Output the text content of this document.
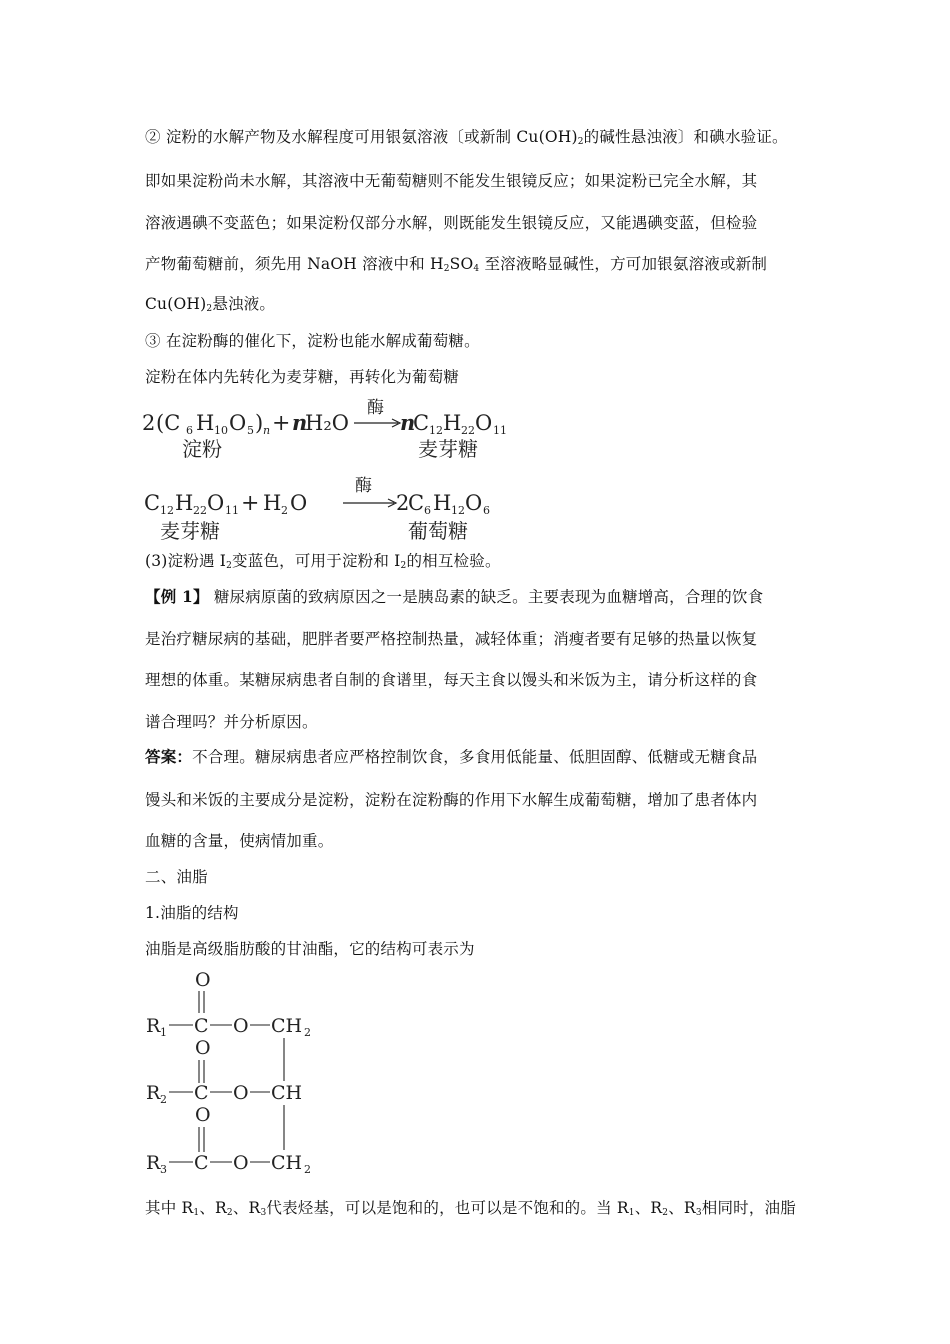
② 淀粉的水解产物及水解程度可用银氨溶液〔或新制 $Cu(OH)_2$的碱性悬浊液〕和碘水验证。
即如果淀粉尚未水解，其溶液中无葡萄糖则不能发生银镜反应；如果淀粉已完全水解，其
溶液遇碘不变蓝色；如果淀粉仅部分水解，则既能发生银镜反应，又能遇碘变蓝，但检验
产物葡萄糖前，须先用 NaOH 溶液中和 $H_2SO_4$ 至溶液略显碱性，方可加银氨溶液或新制
$Cu(OH)_2$悬浊液。
③ 在淀粉酶的催化下，淀粉也能水解成葡萄糖。
淀粉在体内先转化为麦芽糖，再转化为葡萄糖
2 (C 6 H 10 O 5 ) n + n
H₂O
酶
n
C 12 H 22 O 11
淀粉	麦芽糖
C 12 H 22 O 11 + H 2 O
酶
2
C 6 H 12 O 6
麦芽糖	葡萄糖
(3)淀粉遇 $I_2$变蓝色，可用于淀粉和 $I_2$的相互检验。
【例 1】 糖尿病原菌的致病原因之一是胰岛素的缺乏。主要表现为血糖增高，合理的饮食
是治疗糖尿病的基础，肥胖者要严格控制热量，减轻体重；消瘦者要有足够的热量以恢复
理想的体重。某糖尿病患者自制的食谱里，每天主食以馒头和米饭为主，请分析这样的食
谱合理吗？并分析原因。
答案：不合理。糖尿病患者应严格控制饮食，多食用低能量、低胆固醇、低糖或无糖食品
馒头和米饭的主要成分是淀粉，淀粉在淀粉酶的作用下水解生成葡萄糖，增加了患者体内
血糖的含量，使病情加重。
二、油脂
1.油脂的结构
油脂是高级脂肪酸的甘油酯，它的结构可表示为
O
R 1 C O CH 2
O
R 2 C O CH
O
R 3 C O CH 2
其中 $R_1$、$R_2$、$R_3$代表烃基，可以是饱和的，也可以是不饱和的。当 $R_1$、$R_2$、$R_3$相同时，油脂
